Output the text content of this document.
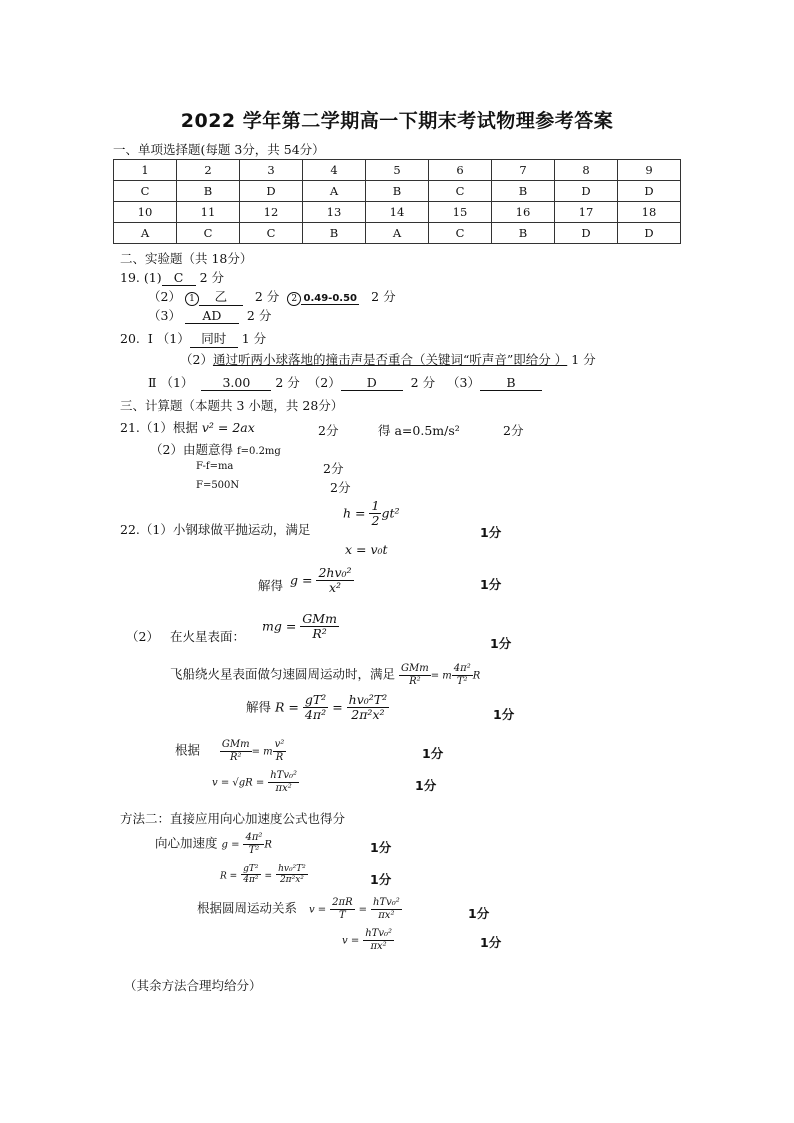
2022 学年第二学期高一下期末考试物理参考答案
一、单项选择题(每题 3分，共 54分）
1	2	3	4	5	6	7	8	9
C	B	D	A	B	C	B	D	D
10	11	12	13	14	15	16	17	18
A	C	C	B	A	C	B	D	D
二、实验题（共 18分）
19. (1) C 2 分
（2） 1 乙 2 分 2 0.49-0.50 2 分
（3） AD 2 分
20. Ⅰ （1） 同时 1 分
（2）通过听两小球落地的撞击声是否重合（关键词“听声音”即给分 ） 1 分
Ⅱ （1） 3.00 2 分 （2） D	2 分 （3） B
三、计算题（本题共 3 小题，共 28分）
21.（1）根据 v² = 2ax	2分	得 a=0.5m/s²	2分
（2）由题意得 f=0.2mg
F-f=ma	2分
F=500N	2分
22.（1）小钢球做平抛运动，满足
$h = \frac{1}{2} gt^2$
1分
x = v₀t
解得 $g = \frac{\text{2hv₀²}}{\text{x²}}$	1分
（2） 在火星表面：
mg = $\frac{\text{GMm}}{\text{R²}}$
1分
飞船绕火星表面做匀速圆周运动时，满足 $\frac{\text{GMm}}{\text{R²}} = m \frac{\text{4π²}}{\text{T²}}$ R
解得 $R = \frac{\text{gT²}}{\text{4π²}} = \frac{\text{hv₀²T²}}{\text{2π²x²}}$	1分
根据 $\frac{\text{GMm}}{\text{R²}} = m \frac{\text{v²}}{R}$	1分
$v = √gR = \frac{\text{hTv₀²}}{\text{πx²}}$	1分
方法二：直接应用向心加速度公式也得分
向心加速度 $g = \frac{\text{4π²}}{\text{T²}}$ R	1分
$R = \frac{\text{gT²}}{\text{4π²}} = \frac{\text{hv₀²T²}}{\text{2π²x²}}$	1分
根据圆周运动关系 $v = \frac{2\pi R}{T} = \frac{\text{hTv₀²}}{\text{πx²}}$	1分
$v = \frac{\text{hTv₀²}}{\text{πx²}}$	1分
（其余方法合理均给分）
